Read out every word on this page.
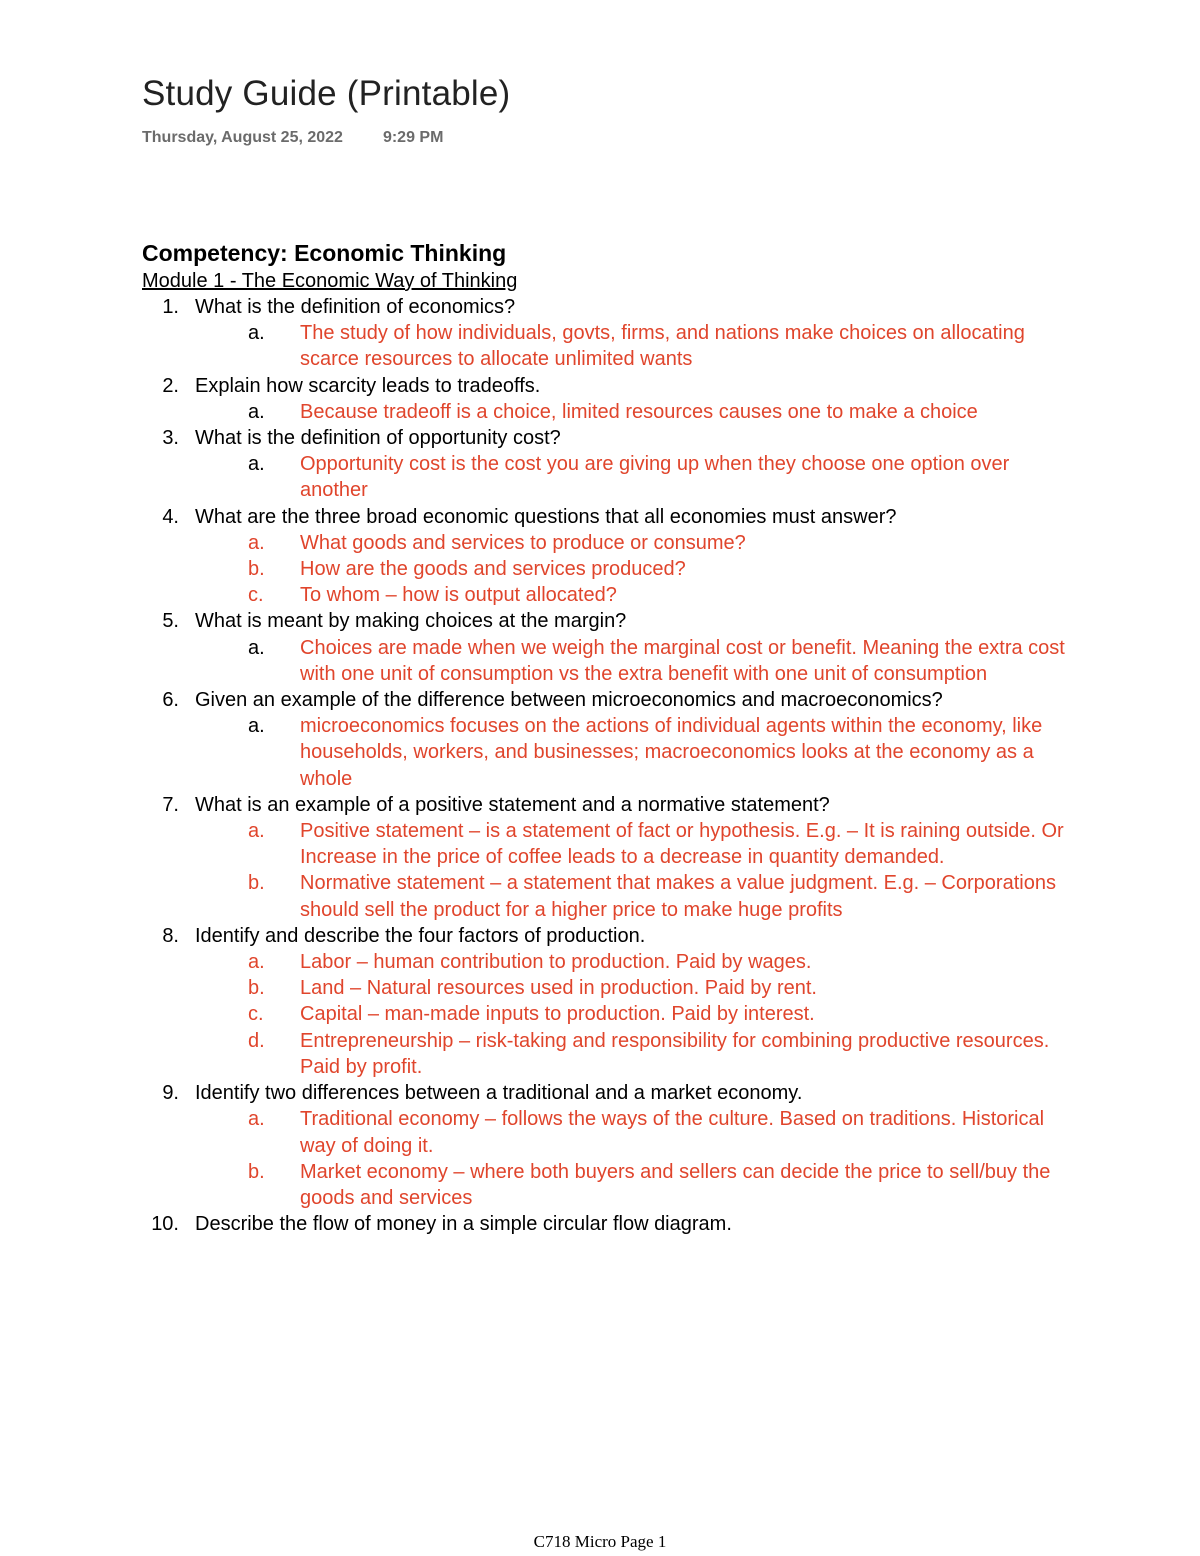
Study Guide (Printable)
Thursday, August 25, 2022	9:29 PM
Competency: Economic Thinking
Module 1 - The Economic Way of Thinking
1. What is the definition of economics?
a.	The study of how individuals, govts, firms, and nations make choices on allocating scarce resources to allocate unlimited wants
2. Explain how scarcity leads to tradeoffs.
a.	Because tradeoff is a choice, limited resources causes one to make a choice
3. What is the definition of opportunity cost?
a.	Opportunity cost is the cost you are giving up when they choose one option over another
4. What are the three broad economic questions that all economies must answer?
a.	What goods and services to produce or consume?
b.	How are the goods and services produced?
c.	To whom – how is output allocated?
5. What is meant by making choices at the margin?
a.	Choices are made when we weigh the marginal cost or benefit. Meaning the extra cost with one unit of consumption vs the extra benefit with one unit of consumption
6. Given an example of the difference between microeconomics and macroeconomics?
a.	microeconomics focuses on the actions of individual agents within the economy, like households, workers, and businesses; macroeconomics looks at the economy as a whole
7. What is an example of a positive statement and a normative statement?
a.	Positive statement – is a statement of fact or hypothesis. E.g. – It is raining outside. Or Increase in the price of coffee leads to a decrease in quantity demanded.
b.	Normative statement – a statement that makes a value judgment. E.g. – Corporations should sell the product for a higher price to make huge profits
8. Identify and describe the four factors of production.
a.	Labor – human contribution to production. Paid by wages.
b.	Land – Natural resources used in production. Paid by rent.
c.	Capital – man-made inputs to production. Paid by interest.
d.	Entrepreneurship – risk-taking and responsibility for combining productive resources. Paid by profit.
9. Identify two differences between a traditional and a market economy.
a.	Traditional economy – follows the ways of the culture. Based on traditions. Historical way of doing it.
b.	Market economy – where both buyers and sellers can decide the price to sell/buy the goods and services
10. Describe the flow of money in a simple circular flow diagram.
C718 Micro Page 1
